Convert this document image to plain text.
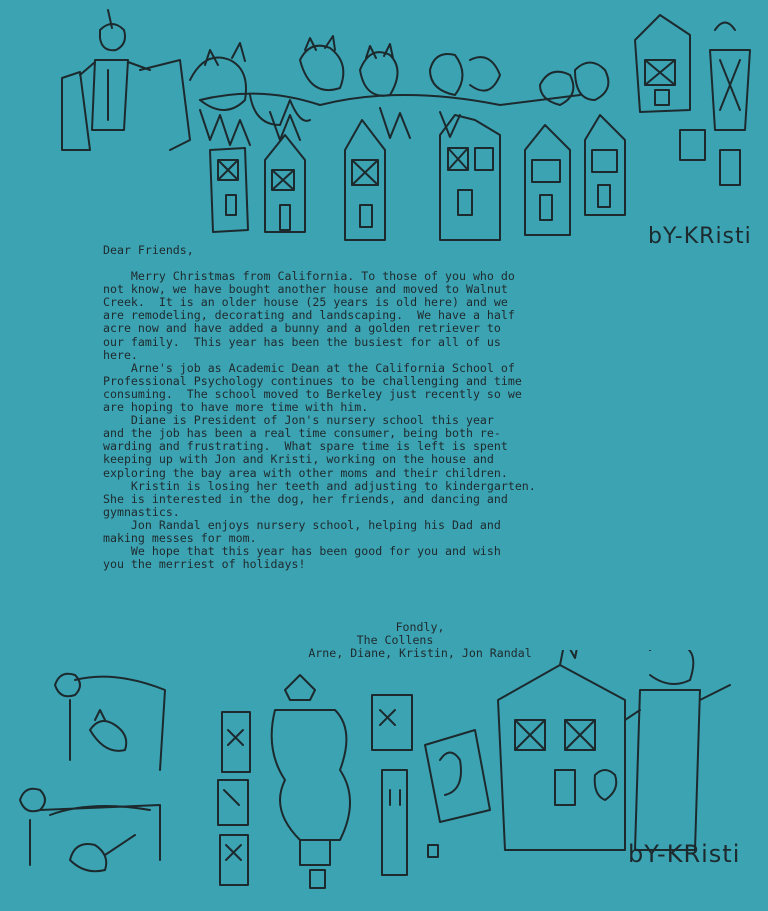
bY-KRisti

Dear Friends,

Merry Christmas from California. To those of you who do

not know, we have bought another house and moved to Walnut

Creek.  It is an older house (25 years is old here) and we

are remodeling, decorating and landscaping.  We have a half

acre now and have added a bunny and a golden retriever to

our family.  This year has been the busiest for all of us

here.

Arne's job as Academic Dean at the California School of

Professional Psychology continues to be challenging and time

consuming.  The school moved to Berkeley just recently so we

are hoping to have more time with him.

Diane is President of Jon's nursery school this year

and the job has been a real time consumer, being both re-

warding and frustrating.  What spare time is left is spent

keeping up with Jon and Kristi, working on the house and

exploring the bay area with other moms and their children.

Kristin is losing her teeth and adjusting to kindergarten.

She is interested in the dog, her friends, and dancing and

gymnastics.

Jon Randal enjoys nursery school, helping his Dad and

making messes for mom.

We hope that this year has been good for you and wish

you the merriest of holidays!

Fondly,
The Collens
Arne, Diane, Kristin, Jon Randal
bY-KRisti
